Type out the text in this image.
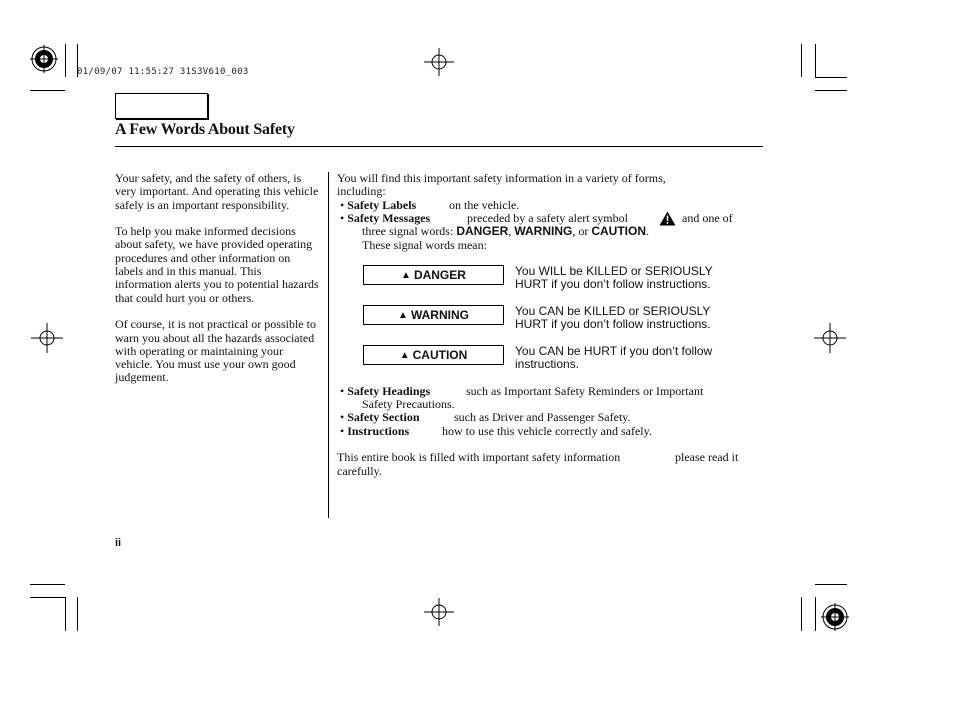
01/09/07 11:55:27 31S3V610_003
A Few Words About Safety

Your safety, and the safety of others, is very important. And operating this vehicle safely is an important responsibility.

To help you make informed decisions about safety, we have provided operating procedures and other information on labels and in this manual. This information alerts you to potential hazards that could hurt you or others.

Of course, it is not practical or possible to warn you about all the hazards associated with operating or maintaining your vehicle. You must use your own good judgement.

You will find this important safety information in a variety of forms,
including:
• Safety Labels	on the vehicle.
• Safety Messages	preceded by a safety alert symbol	and one of
three signal words: DANGER, WARNING, or CAUTION.
These signal words mean:
▲ DANGER	You WILL be KILLED or SERIOUSLY
HURT if you don’t follow instructions.
▲ WARNING	You CAN be KILLED or SERIOUSLY
HURT if you don’t follow instructions.
▲ CAUTION	You CAN be HURT if you don’t follow
instructions.
• Safety Headings	such as Important Safety Reminders or Important
Safety Precautions.
• Safety Section	such as Driver and Passenger Safety.
• Instructions	how to use this vehicle correctly and safely.
This entire book is filled with important safety information	please read it
carefully.
ii
